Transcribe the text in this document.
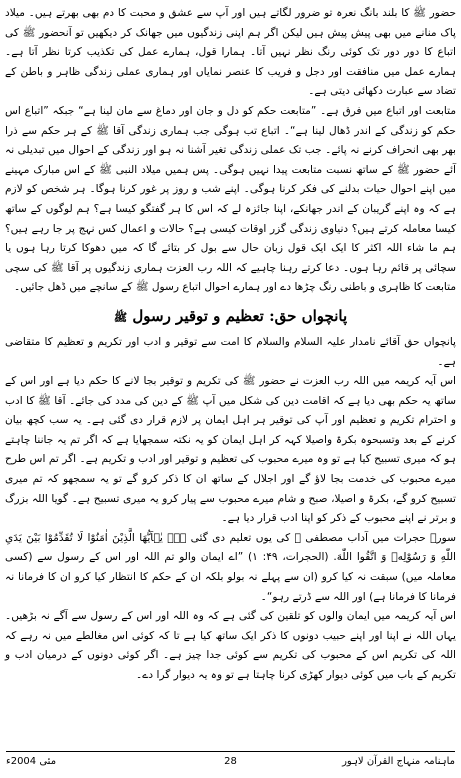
حضور ﷺ کا بلند بانگ نعرہ تو ضرور لگاتے ہیں اور آپ سے عشق و محبت کا دم بھی بھرتے ہیں۔ میلاد پاک منانے میں بھی پیش پیش ہیں لیکن اگر ہم اپنی زندگیوں میں جھانک کر دیکھیں تو آنحضور ﷺ کی اتباع کا دور دور تک کوئی رنگ نظر نہیں آتا۔ ہمارا قول، ہمارے عمل کی تکذیب کرتا نظر آتا ہے۔ ہمارے عمل میں منافقت اور دجل و فریب کا عنصر نمایاں اور ہماری عملی زندگی ظاہر و باطن کے تضاد سے عبارت دکھائی دیتی ہے۔

متابعت اور اتباع میں فرق ہے۔ ”متابعت حکم کو دل و جان اور دماغ سے مان لینا ہے“ جبکہ ”اتباع اس حکم کو زندگی کے اندر ڈھال لینا ہے“۔ اتباع تب ہوگی جب ہماری زندگی آقا ﷺ کے ہر حکم سے ذرا بھر بھی انحراف کرنے نہ پائے۔ جب تک عملی زندگی تغیر آشنا نہ ہو اور زندگی کے احوال میں تبدیلی نہ آئے حضور ﷺ کے ساتھ نسبت متابعت پیدا نہیں ہوگی۔ پس ہمیں میلاد النبی ﷺ کے اس مبارک مہینے میں اپنے احوال حیات بدلنے کی فکر کرنا ہوگی۔ اپنے شب و روز پر غور کرنا ہوگا۔ ہر شخص کو لازم ہے کہ وہ اپنے گریبان کے اندر جھانکے، اپنا جائزہ لے کہ اس کا ہر گفتگو کیسا ہے؟ ہم لوگوں کے ساتھ کیسا معاملہ کرتے ہیں؟ دنیاوی زندگی گزر اوقات کیسی ہے؟ حالات و اعمال کس نہج پر جا رہے ہیں؟ ہم ما شاء اللہ اکثر کا ایک ایک قول زبان حال سے بول کر بتائے گا کہ میں دھوکا کرتا رہا ہوں یا سچائی پر قائم رہا ہوں۔ دعا کرتے رہنا چاہیے کہ اللہ رب العزت ہماری زندگیوں پر آقا ﷺ کی سچی متابعت کا ظاہری و باطنی رنگ چڑھا دے اور ہمارے احوال اتباع رسول ﷺ کے سانچے میں ڈھل جائیں۔

پانچواں حق: تعظیم و توقیر رسول ﷺ

پانچواں حق آقائے نامدار علیہ السلام والسلام کا امت سے توقیر و ادب اور تکریم و تعظیم کا متقاضی ہے۔

اس آیہ کریمہ میں اللہ رب العزت نے حضور ﷺ کی تکریم و توقیر بجا لانے کا حکم دیا ہے اور اس کے ساتھ یہ حکم بھی دیا ہے کہ اقامت دین کی شکل میں آپ ﷺ کے دین کی مدد کی جائے۔ آقا ﷺ کا ادب و احترام تکریم و تعظیم اور آپ کی توقیر ہر اہل ایمان پر لازم قرار دی گئی ہے۔ یہ سب کچھ بیان کرنے کے بعد وتسبحوہ بکرۃ واصیلا کہہ کر اہل ایمان کو یہ نکتہ سمجھایا ہے کہ اگر تم یہ جاننا چاہتے ہو کہ میری تسبیح کیا ہے تو وہ میرے محبوب کی تعظیم و توقیر اور ادب و تکریم ہے۔ اگر تم اس طرح میرے محبوب کی خدمت بجا لاؤ گے اور اجلال کے ساتھ ان کا ذکر کرو گے تو یہ سمجھو کہ تم میری تسبیح کرو گے، بکرۃ و اصیلا، صبح و شام میرے محبوب سے پیار کرو یہ میری تسبیح ہے۔ گویا اللہ بزرگ و برتر نے اپنے محبوب کے ذکر کو اپنا ادب قرار دیا ہے۔

سورۃ حجرات میں آداب مصطفی ﷺ کی یوں تعلیم دی گئی ہے۔ یٰۤاَیُّهَا الَّذِیْنَ اٰمَنُوْا لَا تُقَدِّمُوْا بَیْنَ یَدَیِ اللّٰهِ وَ رَسُوْلِهٖ وَ اتَّقُوا اللّٰهَ. (الحجرات، ۴۹: ۱) ”اے ایمان والو تم اللہ اور اس کے رسول سے (کسی معاملہ میں) سبقت نہ کیا کرو (ان سے پہلے نہ بولو بلکہ ان کے حکم کا انتظار کیا کرو ان کا فرمانا نہ فرمانا کا فرمانا ہے) اور اللہ سے ڈرتے رہو“۔

اس آیہ کریمہ میں ایمان والوں کو تلقین کی گئی ہے کہ وہ اللہ اور اس کے رسول سے آگے نہ بڑھیں۔ یہاں اللہ نے اپنا اور اپنے حبیب دونوں کا ذکر ایک ساتھ کیا ہے تا کہ کوئی اس مغالطے میں نہ رہے کہ اللہ کی تکریم اس کے محبوب کی تکریم سے کوئی جدا چیز ہے۔ اگر کوئی دونوں کے درمیان ادب و تکریم کے باب میں کوئی دیوار کھڑی کرنا چاہتا ہے تو وہ یہ دیوار گرا دے۔

ماہنامہ منہاج القرآن لاہور
28
مئی 2004ء
